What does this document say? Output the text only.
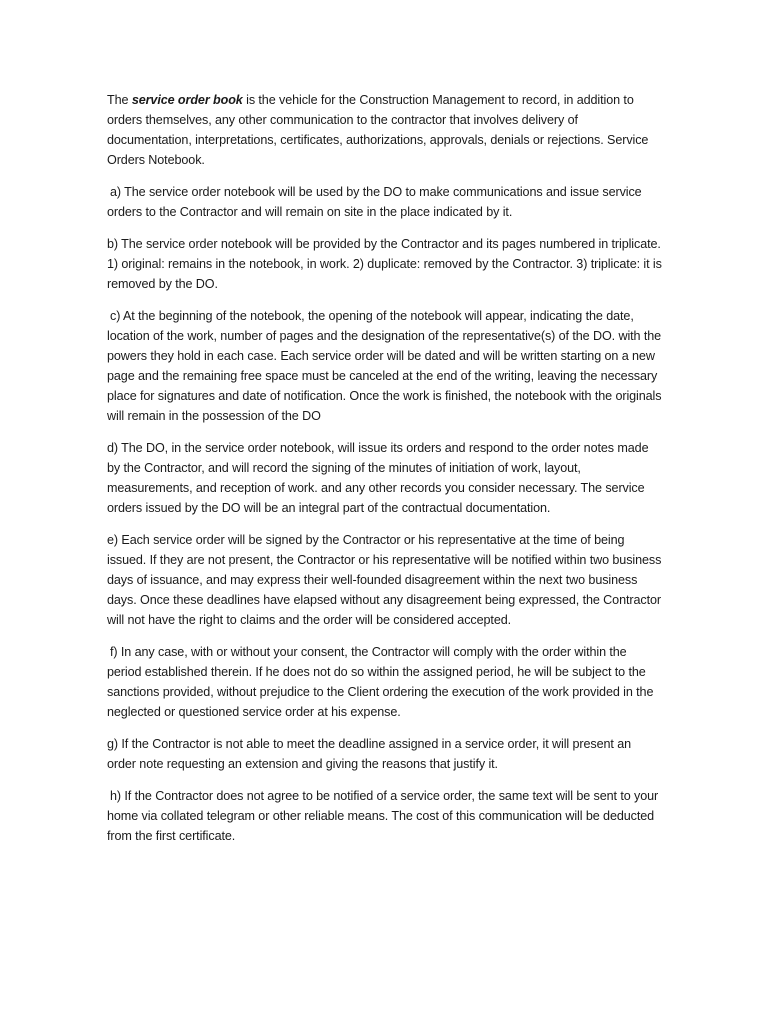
The service order book is the vehicle for the Construction Management to record, in addition to orders themselves, any other communication to the contractor that involves delivery of documentation, interpretations, certificates, authorizations, approvals, denials or rejections. Service Orders Notebook.

a) The service order notebook will be used by the DO to make communications and issue service orders to the Contractor and will remain on site in the place indicated by it.

b) The service order notebook will be provided by the Contractor and its pages numbered in triplicate. 1) original: remains in the notebook, in work. 2) duplicate: removed by the Contractor. 3) triplicate: it is removed by the DO.

c) At the beginning of the notebook, the opening of the notebook will appear, indicating the date, location of the work, number of pages and the designation of the representative(s) of the DO. with the powers they hold in each case. Each service order will be dated and will be written starting on a new page and the remaining free space must be canceled at the end of the writing, leaving the necessary place for signatures and date of notification. Once the work is finished, the notebook with the originals will remain in the possession of the DO

d) The DO, in the service order notebook, will issue its orders and respond to the order notes made by the Contractor, and will record the signing of the minutes of initiation of work, layout, measurements, and reception of work. and any other records you consider necessary. The service orders issued by the DO will be an integral part of the contractual documentation.

e) Each service order will be signed by the Contractor or his representative at the time of being issued. If they are not present, the Contractor or his representative will be notified within two business days of issuance, and may express their well-founded disagreement within the next two business days. Once these deadlines have elapsed without any disagreement being expressed, the Contractor will not have the right to claims and the order will be considered accepted.

f) In any case, with or without your consent, the Contractor will comply with the order within the period established therein. If he does not do so within the assigned period, he will be subject to the sanctions provided, without prejudice to the Client ordering the execution of the work provided in the neglected or questioned service order at his expense.

g) If the Contractor is not able to meet the deadline assigned in a service order, it will present an order note requesting an extension and giving the reasons that justify it.

h) If the Contractor does not agree to be notified of a service order, the same text will be sent to your home via collated telegram or other reliable means. The cost of this communication will be deducted from the first certificate.
